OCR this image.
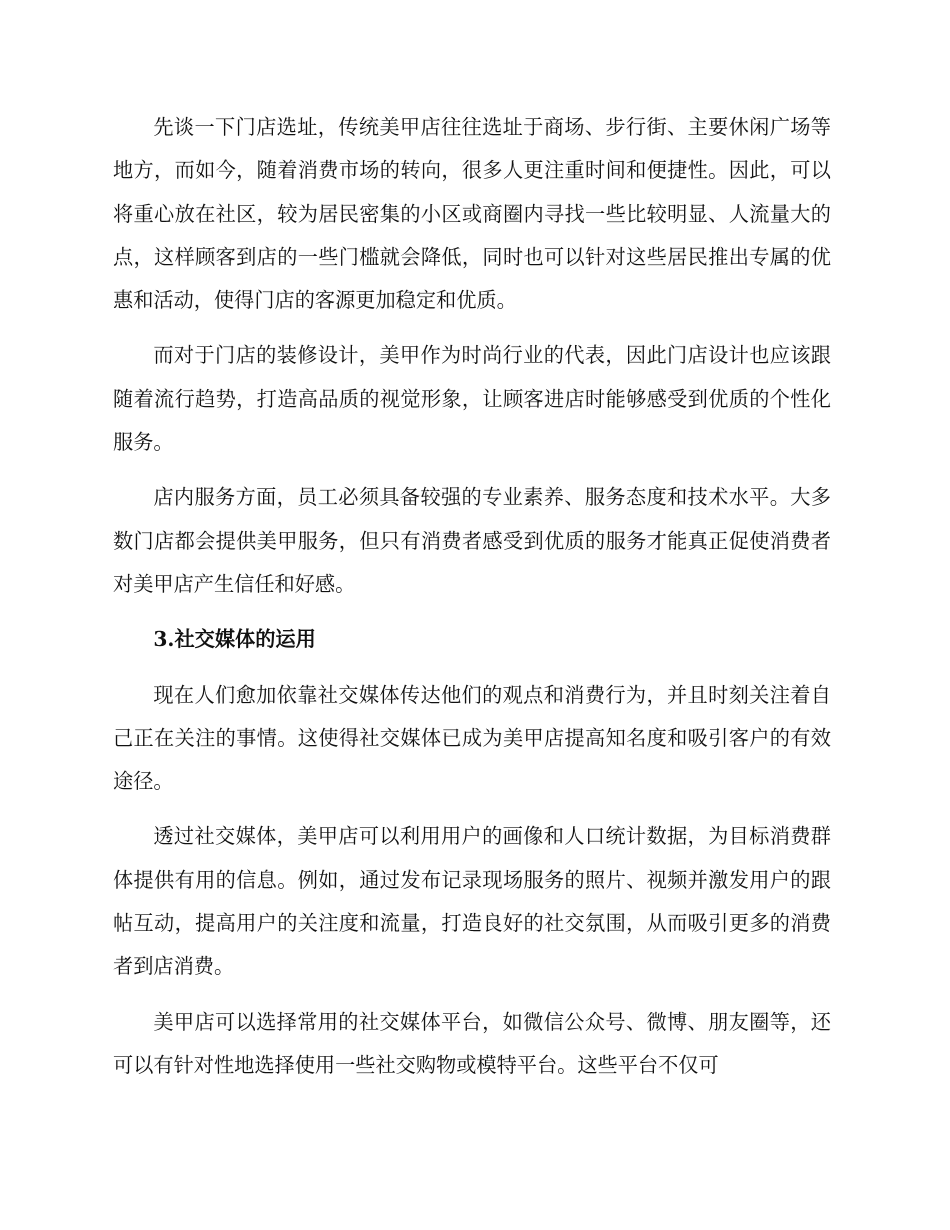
先谈一下门店选址，传统美甲店往往选址于商场、步行街、主要休闲广场等地方，而如今，随着消费市场的转向，很多人更注重时间和便捷性。因此，可以将重心放在社区，较为居民密集的小区或商圈内寻找一些比较明显、人流量大的点，这样顾客到店的一些门槛就会降低，同时也可以针对这些居民推出专属的优惠和活动，使得门店的客源更加稳定和优质。

而对于门店的装修设计，美甲作为时尚行业的代表，因此门店设计也应该跟随着流行趋势，打造高品质的视觉形象，让顾客进店时能够感受到优质的个性化服务。

店内服务方面，员工必须具备较强的专业素养、服务态度和技术水平。大多数门店都会提供美甲服务，但只有消费者感受到优质的服务才能真正促使消费者对美甲店产生信任和好感。

3.社交媒体的运用

现在人们愈加依靠社交媒体传达他们的观点和消费行为，并且时刻关注着自己正在关注的事情。这使得社交媒体已成为美甲店提高知名度和吸引客户的有效途径。

透过社交媒体，美甲店可以利用用户的画像和人口统计数据，为目标消费群体提供有用的信息。例如，通过发布记录现场服务的照片、视频并激发用户的跟帖互动，提高用户的关注度和流量，打造良好的社交氛围，从而吸引更多的消费者到店消费。

美甲店可以选择常用的社交媒体平台，如微信公众号、微博、朋友圈等，还可以有针对性地选择使用一些社交购物或模特平台。这些平台不仅可
